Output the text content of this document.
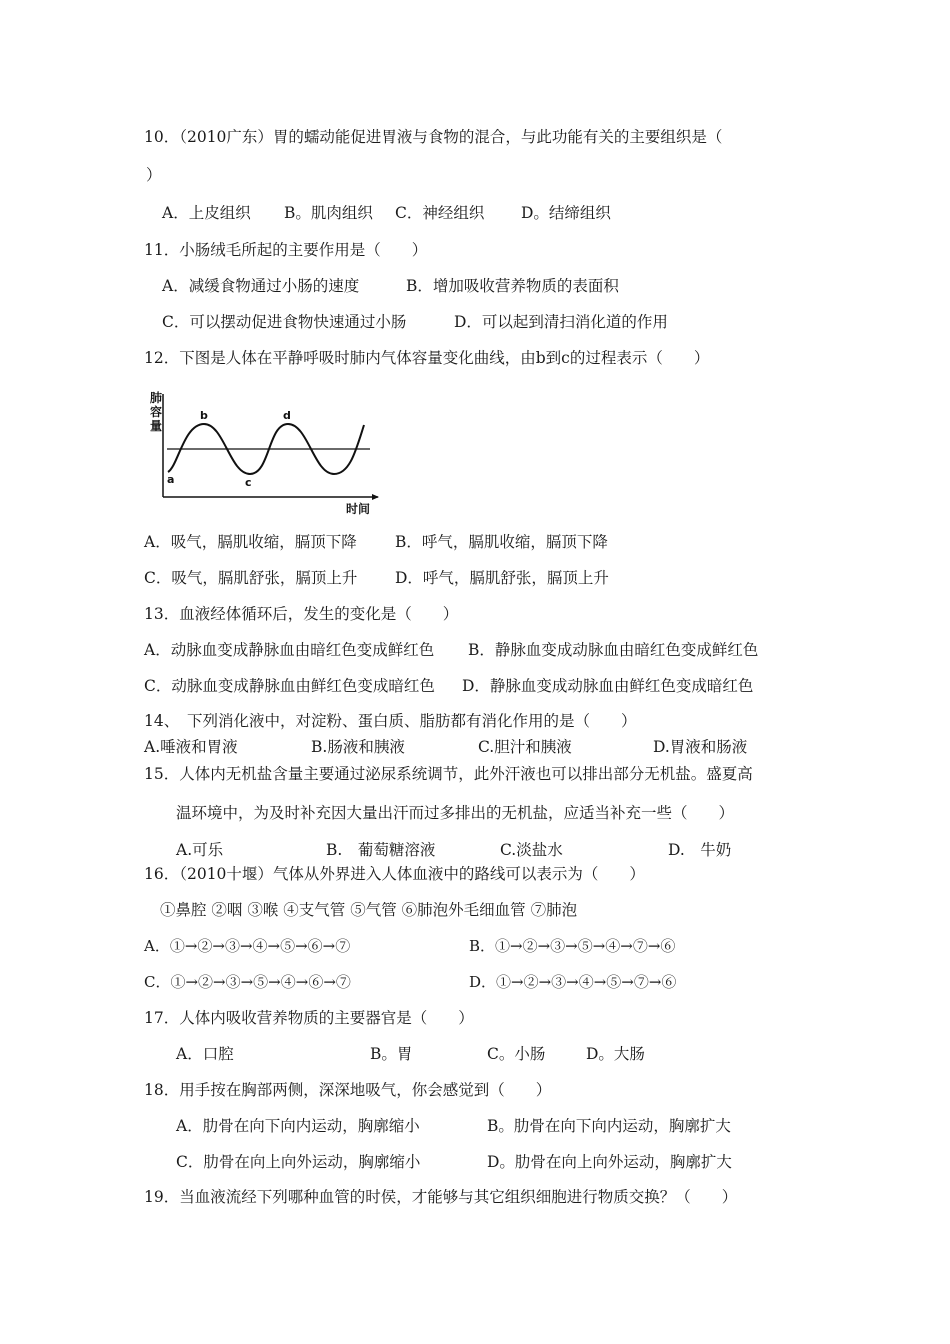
10．（2010广东）胃的蠕动能促进胃液与食物的混合，与此功能有关的主要组织是（
）
A．上皮组织 B。肌肉组织 C．神经组织 D。结缔组织
11．小肠绒毛所起的主要作用是（　　）
A．减缓食物通过小肠的速度	B．增加吸收营养物质的表面积
C．可以摆动促进食物快速通过小肠	D．可以起到清扫消化道的作用
12．下图是人体在平静呼吸时肺内气体容量变化曲线，由b到c的过程表示（　　）
肺
容
量
a
b
c
d
时间
A．吸气，膈肌收缩，膈顶下降 B．呼气，膈肌收缩，膈顶下降
C．吸气，膈肌舒张，膈顶上升 D．呼气，膈肌舒张，膈顶上升
13．血液经体循环后，发生的变化是（　　）
A．动脉血变成静脉血由暗红色变成鲜红色 B．静脉血变成动脉血由暗红色变成鲜红色
C．动脉血变成静脉血由鲜红色变成暗红色 D．静脉血变成动脉血由鲜红色变成暗红色
14、　下列消化液中，对淀粉、蛋白质、脂肪都有消化作用的是（　　）
A.唾液和胃液	B.肠液和胰液	C.胆汁和胰液	D.胃液和肠液
15．人体内无机盐含量主要通过泌尿系统调节，此外汗液也可以排出部分无机盐。盛夏高
温环境中，为及时补充因大量出汗而过多排出的无机盐，应适当补充一些（　　）
A.可乐	B.　葡萄糖溶液	C.淡盐水	D.　牛奶
16．（2010十堰）气体从外界进入人体血液中的路线可以表示为（　　）
①鼻腔 ②咽 ③喉 ④支气管 ⑤气管 ⑥肺泡外毛细血管 ⑦肺泡
A．①→②→③→④→⑤→⑥→⑦	B．①→②→③→⑤→④→⑦→⑥
C．①→②→③→⑤→④→⑥→⑦	D．①→②→③→④→⑤→⑦→⑥
17．人体内吸收营养物质的主要器官是（　　）
A．口腔	B。胃	C。小肠	D。大肠
18．用手按在胸部两侧，深深地吸气，你会感觉到（　　）
A．肋骨在向下向内运动，胸廓缩小	B。肋骨在向下向内运动，胸廓扩大
C．肋骨在向上向外运动，胸廓缩小	D。肋骨在向上向外运动，胸廓扩大
19．当血液流经下列哪种血管的时侯，才能够与其它组织细胞进行物质交换？（　　）
